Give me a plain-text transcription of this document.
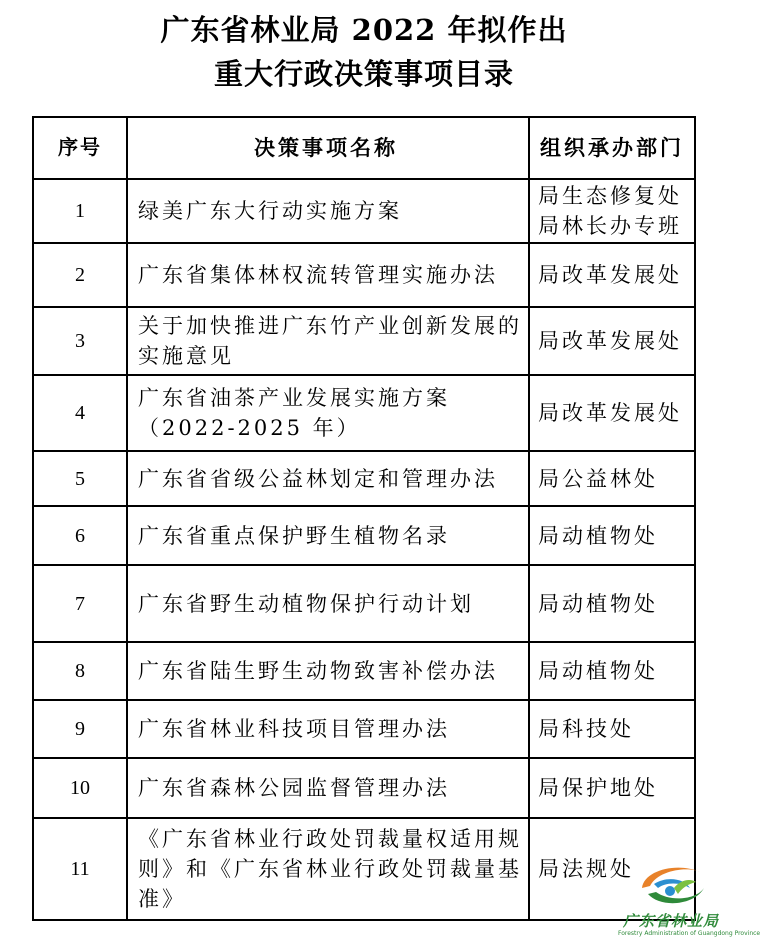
广东省林业局 2022 年拟作出
重大行政决策事项目录
序号	决策事项名称	组织承办部门
1	绿美广东大行动实施方案	局生态修复处
局林长办专班
2	广东省集体林权流转管理实施办法	局改革发展处
3	关于加快推进广东竹产业创新发展的实施意见	局改革发展处
4	广东省油茶产业发展实施方案（2022-2025 年）	局改革发展处
5	广东省省级公益林划定和管理办法	局公益林处
6	广东省重点保护野生植物名录	局动植物处
7	广东省野生动植物保护行动计划	局动植物处
8	广东省陆生野生动物致害补偿办法	局动植物处
9	广东省林业科技项目管理办法	局科技处
10	广东省森林公园监督管理办法	局保护地处
11	《广东省林业行政处罚裁量权适用规则》和《广东省林业行政处罚裁量基准》	局法规处
广东省林业局
Forestry Administration of Guangdong Province
